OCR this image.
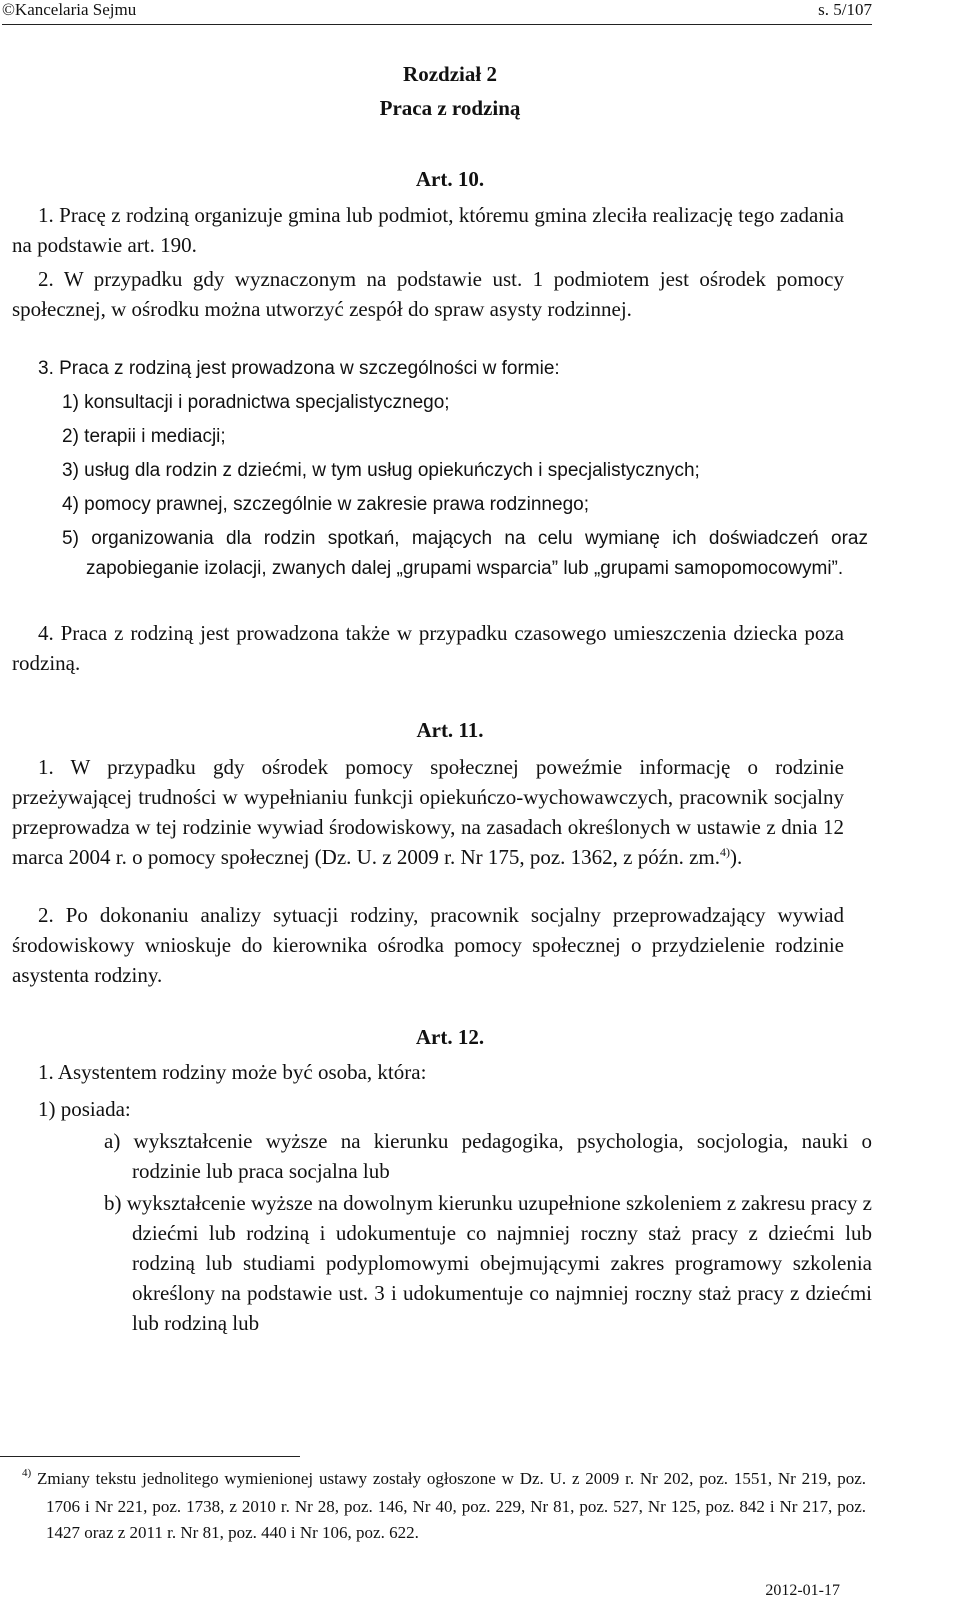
©Kancelaria Sejmu	s. 5/107
Rozdział 2
Praca z rodziną
Art. 10.
1. Pracę z rodziną organizuje gmina lub podmiot, któremu gmina zleciła realizację tego zadania na podstawie art. 190.
2. W przypadku gdy wyznaczonym na podstawie ust. 1 podmiotem jest ośrodek pomocy społecznej, w ośrodku można utworzyć zespół do spraw asysty rodzinnej.
3. Praca z rodziną jest prowadzona w szczególności w formie:
1) konsultacji i poradnictwa specjalistycznego;
2) terapii i mediacji;
3) usług dla rodzin z dziećmi, w tym usług opiekuńczych i specjalistycznych;
4) pomocy prawnej, szczególnie w zakresie prawa rodzinnego;
5) organizowania dla rodzin spotkań, mających na celu wymianę ich doświadczeń oraz zapobieganie izolacji, zwanych dalej „grupami wsparcia” lub „grupami samopomocowymi”.
4. Praca z rodziną jest prowadzona także w przypadku czasowego umieszczenia dziecka poza rodziną.
Art. 11.
1. W przypadku gdy ośrodek pomocy społecznej poweźmie informację o rodzinie przeżywającej trudności w wypełnianiu funkcji opiekuńczo-wychowawczych, pracownik socjalny przeprowadza w tej rodzinie wywiad środowiskowy, na zasadach określonych w ustawie z dnia 12 marca 2004 r. o pomocy społecznej (Dz. U. z 2009 r. Nr 175, poz. 1362, z późn. zm.$^{4)}$).
2. Po dokonaniu analizy sytuacji rodziny, pracownik socjalny przeprowadzający wywiad środowiskowy wnioskuje do kierownika ośrodka pomocy społecznej o przydzielenie rodzinie asystenta rodziny.
Art. 12.
1. Asystentem rodziny może być osoba, która:
1) posiada:
a) wykształcenie wyższe na kierunku pedagogika, psychologia, socjologia, nauki o rodzinie lub praca socjalna lub
b) wykształcenie wyższe na dowolnym kierunku uzupełnione szkoleniem z zakresu pracy z dziećmi lub rodziną i udokumentuje co najmniej roczny staż pracy z dziećmi lub rodziną lub studiami podyplomowymi obejmującymi zakres programowy szkolenia określony na podstawie ust. 3 i udokumentuje co najmniej roczny staż pracy z dziećmi lub rodziną lub
$^{4)}$ Zmiany tekstu jednolitego wymienionej ustawy zostały ogłoszone w Dz. U. z 2009 r. Nr 202, poz. 1551, Nr 219, poz. 1706 i Nr 221, poz. 1738, z 2010 r. Nr 28, poz. 146, Nr 40, poz. 229, Nr 81, poz. 527, Nr 125, poz. 842 i Nr 217, poz. 1427 oraz z 2011 r. Nr 81, poz. 440 i Nr 106, poz. 622.
2012-01-17
